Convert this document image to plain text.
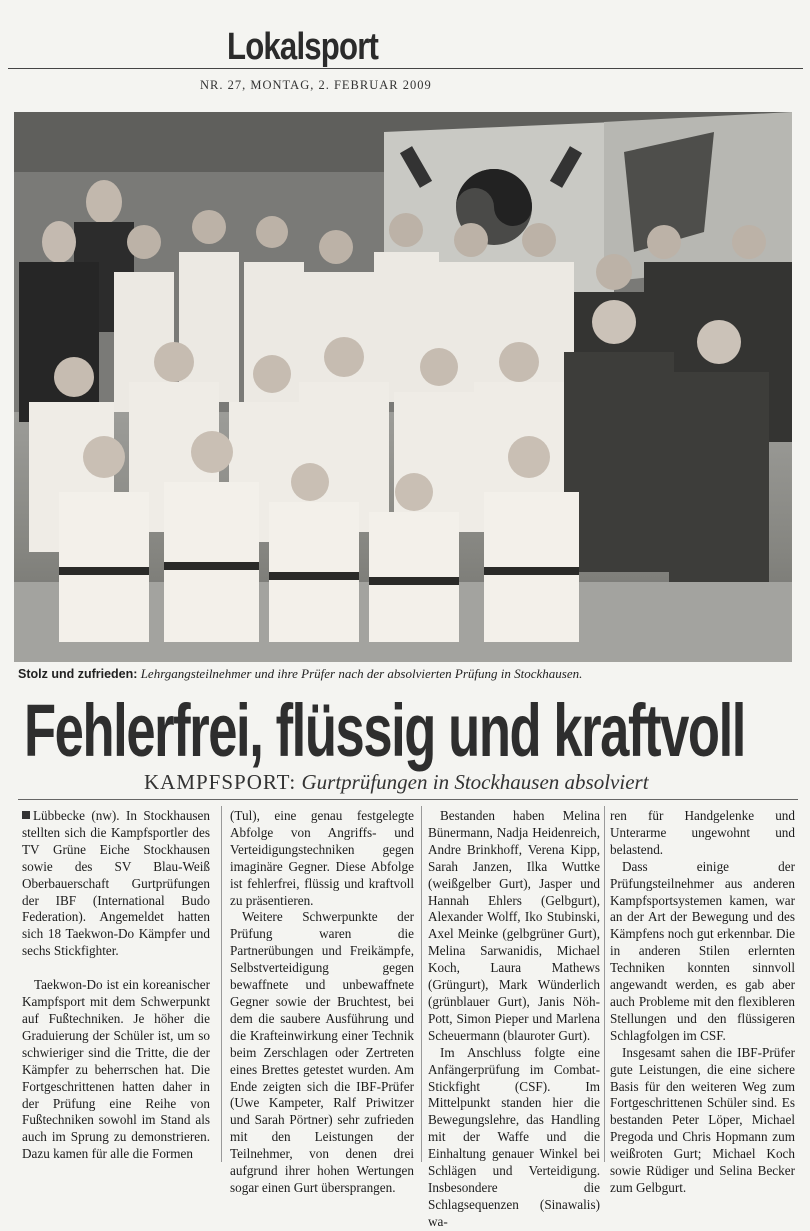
Lokalsport
NR. 27, MONTAG, 2. FEBRUAR 2009
Stolz und zufrieden: Lehrgangsteilnehmer und ihre Prüfer nach der absolvierten Prüfung in Stockhausen.
Fehlerfrei, flüssig und kraftvoll
KAMPFSPORT: Gurtprüfungen in Stockhausen absolviert

Lübbecke (nw). In Stockhausen stellten sich die Kampfsportler des TV Grüne Eiche Stockhausen sowie des SV Blau-Weiß Oberbauerschaft Gurtprüfungen der IBF (International Budo Federation). Angemeldet hatten sich 18 Taekwon-Do Kämpfer und sechs Stickfighter.

Taekwon-Do ist ein koreanischer Kampfsport mit dem Schwerpunkt auf Fußtechniken. Je höher die Graduierung der Schüler ist, um so schwieriger sind die Tritte, die der Kämpfer zu beherrschen hat. Die Fortgeschrittenen hatten daher in der Prüfung eine Reihe von Fußtechniken sowohl im Stand als auch im Sprung zu demonstrieren. Dazu kamen für alle die Formen

(Tul), eine genau festgelegte Abfolge von Angriffs- und Verteidigungstechniken gegen imaginäre Gegner. Diese Abfolge ist fehlerfrei, flüssig und kraftvoll zu präsentieren.

Weitere Schwerpunkte der Prüfung waren die Partnerübungen und Freikämpfe, Selbstverteidigung gegen bewaffnete und unbewaffnete Gegner sowie der Bruchtest, bei dem die saubere Ausführung und die Krafteinwirkung einer Technik beim Zerschlagen oder Zertreten eines Brettes getestet wurden. Am Ende zeigten sich die IBF-Prüfer (Uwe Kampeter, Ralf Priwitzer und Sarah Pörtner) sehr zufrieden mit den Leistungen der Teilnehmer, von denen drei aufgrund ihrer hohen Wertungen sogar einen Gurt übersprangen.

Bestanden haben Melina Bünermann, Nadja Heidenreich, Andre Brinkhoff, Verena Kipp, Sarah Janzen, Ilka Wuttke (weißgelber Gurt), Jasper und Hannah Ehlers (Gelbgurt), Alexander Wolff, Iko Stubinski, Axel Meinke (gelbgrüner Gurt), Melina Sarwanidis, Michael Koch, Laura Mathews (Grüngurt), Mark Wünderlich (grünblauer Gurt), Janis Nöh-Pott, Simon Pieper und Marlena Scheuermann (blauroter Gurt).

Im Anschluss folgte eine Anfängerprüfung im Combat-Stickfight (CSF). Im Mittelpunkt standen hier die Bewegungslehre, das Handling mit der Waffe und die Einhaltung genauer Winkel bei Schlägen und Verteidigung. Insbesondere die Schlagsequenzen (Sinawalis) wa-

ren für Handgelenke und Unterarme ungewohnt und belastend.

Dass einige der Prüfungsteilnehmer aus anderen Kampfsportsystemen kamen, war an der Art der Bewegung und des Kämpfens noch gut erkennbar. Die in anderen Stilen erlernten Techniken konnten sinnvoll angewandt werden, es gab aber auch Probleme mit den flexibleren Stellungen und den flüssigeren Schlagfolgen im CSF.

Insgesamt sahen die IBF-Prüfer gute Leistungen, die eine sichere Basis für den weiteren Weg zum Fortgeschrittenen Schüler sind. Es bestanden Peter Löper, Michael Pregoda und Chris Hopmann zum weißroten Gurt; Michael Koch sowie Rüdiger und Selina Becker zum Gelbgurt.
